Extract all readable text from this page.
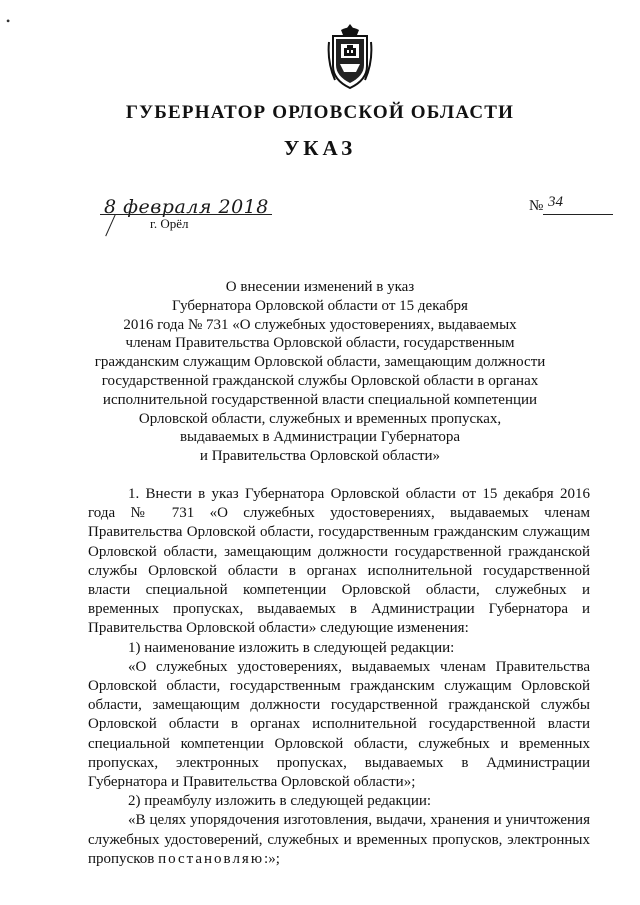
•
ГУБЕРНАТОР ОРЛОВСКОЙ ОБЛАСТИ
УКАЗ
8 февраля 2018
г. Орёл
№ 34
О внесении изменений в указ
Губернатора Орловской области от 15 декабря
2016 года № 731 «О служебных удостоверениях, выдаваемых
членам Правительства Орловской области, государственным
гражданским служащим Орловской области, замещающим должности
государственной гражданской службы Орловской области в органах
исполнительной государственной власти специальной компетенции
Орловской области, служебных и временных пропусках,
выдаваемых в Администрации Губернатора
и Правительства Орловской области»

1. Внести в указ Губернатора Орловской области от 15 декабря 2016 года № 731 «О служебных удостоверениях, выдаваемых членам Правительства Орловской области, государственным гражданским служащим Орловской области, замещающим должности государственной гражданской службы Орловской области в органах исполнительной государственной власти специальной компетенции Орловской области, служебных и временных пропусках, выдаваемых в Администрации Губернатора и Правительства Орловской области» следующие изменения:

1) наименование изложить в следующей редакции:

«О служебных удостоверениях, выдаваемых членам Правительства Орловской области, государственным гражданским служащим Орловской области, замещающим должности государственной гражданской службы Орловской области в органах исполнительной государственной власти специальной компетенции Орловской области, служебных и временных пропусках, электронных пропусках, выдаваемых в Администрации Губернатора и Правительства Орловской области»;

2) преамбулу изложить в следующей редакции:

«В целях упорядочения изготовления, выдачи, хранения и уничтожения служебных удостоверений, служебных и временных пропусков, электронных пропусков постановляю:»;
